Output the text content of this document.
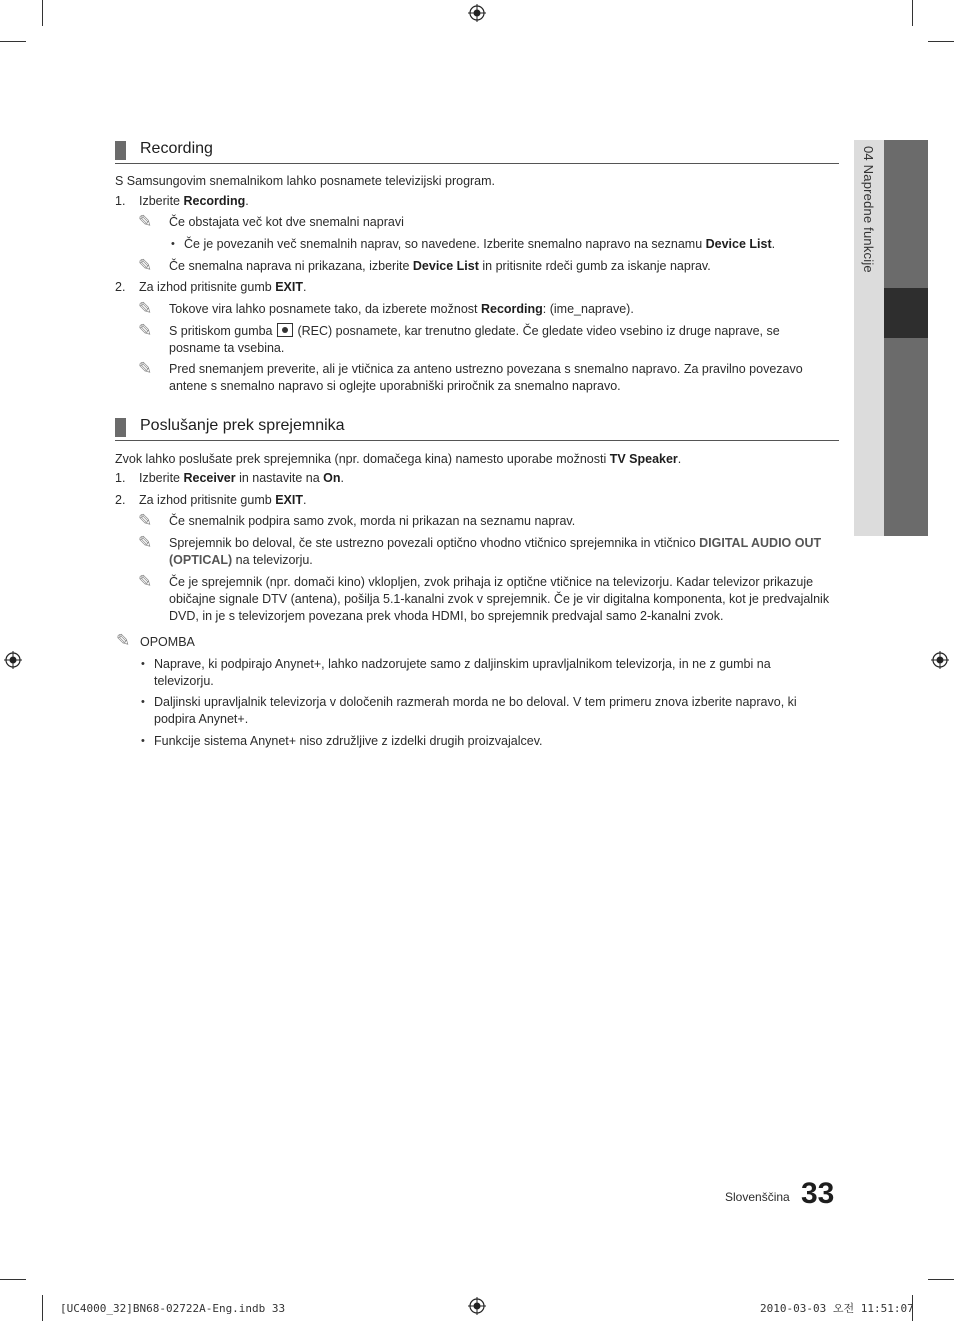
04 Napredne funkcije
Recording
S Samsungovim snemalnikom lahko posnamete televizijski program.
1. Izberite Recording.
✎ Če obstajata več kot dve snemalni napravi
• Če je povezanih več snemalnih naprav, so navedene. Izberite snemalno napravo na seznamu Device List.
✎ Če snemalna naprava ni prikazana, izberite Device List in pritisnite rdeči gumb za iskanje naprav.
2. Za izhod pritisnite gumb EXIT.
✎ Tokove vira lahko posnamete tako, da izberete možnost Recording: (ime_naprave).
✎ S pritiskom gumba  (REC) posnamete, kar trenutno gledate. Če gledate video vsebino iz druge naprave, se posname ta vsebina.
✎ Pred snemanjem preverite, ali je vtičnica za anteno ustrezno povezana s snemalno napravo. Za pravilno povezavo antene s snemalno napravo si oglejte uporabniški priročnik za snemalno napravo.
Poslušanje prek sprejemnika
Zvok lahko poslušate prek sprejemnika (npr. domačega kina) namesto uporabe možnosti TV Speaker.
1. Izberite Receiver in nastavite na On.
2. Za izhod pritisnite gumb EXIT.
✎ Če snemalnik podpira samo zvok, morda ni prikazan na seznamu naprav.
✎ Sprejemnik bo deloval, če ste ustrezno povezali optično vhodno vtičnico sprejemnika in vtičnico DIGITAL AUDIO OUT (OPTICAL) na televizorju.
✎ Če je sprejemnik (npr. domači kino) vklopljen, zvok prihaja iz optične vtičnice na televizorju. Kadar televizor prikazuje običajne signale DTV (antena), pošilja 5.1-kanalni zvok v sprejemnik. Če je vir digitalna komponenta, kot je predvajalnik DVD, in je s televizorjem povezana prek vhoda HDMI, bo sprejemnik predvajal samo 2-kanalni zvok.
✎ OPOMBA
• Naprave, ki podpirajo Anynet+, lahko nadzorujete samo z daljinskim upravljalnikom televizorja, in ne z gumbi na televizorju.
• Daljinski upravljalnik televizorja v določenih razmerah morda ne bo deloval. V tem primeru znova izberite napravo, ki podpira Anynet+.
• Funkcije sistema Anynet+ niso združljive z izdelki drugih proizvajalcev.
Slovenščina 33
[UC4000_32]BN68-02722A-Eng.indb 33	2010-03-03 오전 11:51:07
